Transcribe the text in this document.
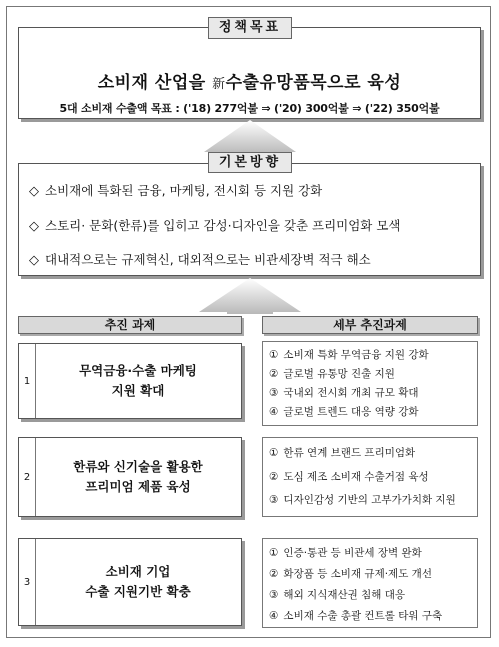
소비재 산업을 新수출유망품목으로 육성
5대 소비재 수출액 목표 : ('18) 277억불 ⇒ ('20) 300억불 ⇒ ('22) 350억불
정책목표
◇ 소비재에 특화된 금융, 마케팅, 전시회 등 지원 강화
◇ 스토리· 문화(한류)를 입히고 감성·디자인을 갖춘 프리미엄화 모색
◇ 대내적으로는 규제혁신, 대외적으로는 비관세장벽 적극 해소
기본방향
추진 과제	세부 추진과제
1
무역금융·수출 마케팅
지원 확대
① 소비재 특화 무역금융 지원 강화
② 글로벌 유통망 진출 지원
③ 국내외 전시회 개최 규모 확대
④ 글로벌 트렌드 대응 역량 강화
2
한류와 신기술을 활용한
프리미엄 제품 육성
① 한류 연계 브랜드 프리미엄화
② 도심 제조 소비재 수출거점 육성
③ 디자인감성 기반의 고부가가치화 지원
3
소비재 기업
수출 지원기반 확충
① 인증·통관 등 비관세 장벽 완화
② 화장품 등 소비재 규제·제도 개선
③ 해외 지식재산권 침해 대응
④ 소비재 수출 총괄 컨트롤 타워 구축
